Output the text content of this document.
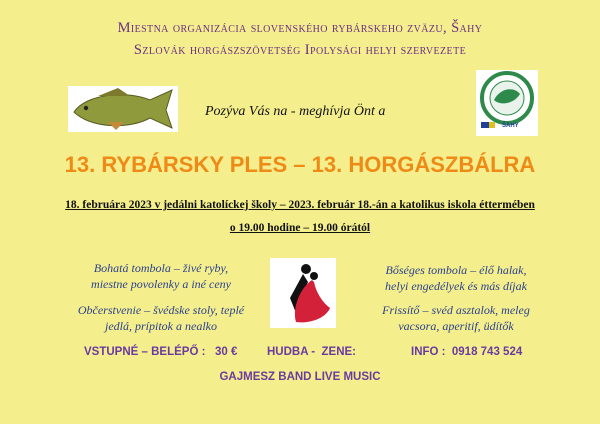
Miestna organizácia slovenského rybárskeho zväzu, Šahy
Szlovák horgászszövetség Ipolysági helyi szervezete
Pozýva Vás na - meghívja Önt a
ŠAHY
13. RYBÁRSKY PLES – 13. HORGÁSZBÁLRA
18. februára 2023 v jedálni katolíckej školy – 2023. február 18.-án a katolikus iskola éttermében
o 19.00 hodine – 19.00 órától
Bohatá tombola – živé ryby,
miestne povolenky a iné ceny
Občerstvenie – švédske stoly, teplé
jedlá, prípitok a nealko
Bőséges tombola – élő halak,
helyi engedélyek és más díjak
Frissítő – svéd asztalok, meleg
vacsora, aperitif, üdítők
VSTUPNÉ – BELÉPŐ :   30 €	HUDBA -  ZENE:	INFO :  0918 743 524
GAJMESZ BAND LIVE MUSIC
